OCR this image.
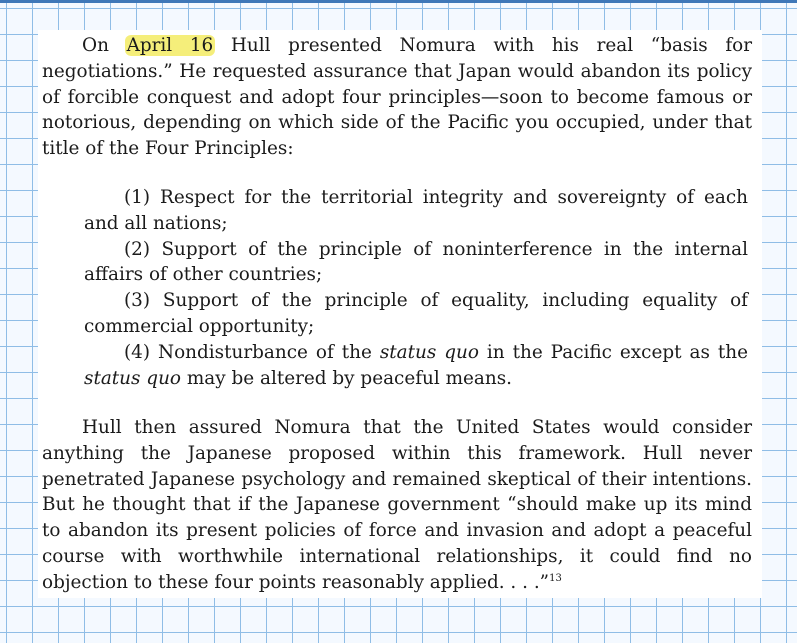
On April 16 Hull presented Nomura with his real “basis for negotiations.” He requested assurance that Japan would abandon its policy of forcible conquest and adopt four principles—soon to become famous or notorious, depending on which side of the Pacific you occupied, under that title of the Four Principles:

(1) Respect for the territorial integrity and sovereignty of each and all nations;

(2) Support of the principle of noninterference in the internal affairs of other countries;

(3) Support of the principle of equality, including equality of commercial opportunity;

(4) Nondisturbance of the status quo in the Pacific except as the status quo may be altered by peaceful means.

Hull then assured Nomura that the United States would consider anything the Japanese proposed within this framework. Hull never penetrated Japanese psychology and remained skeptical of their intentions. But he thought that if the Japanese government “should make up its mind to abandon its present policies of force and invasion and adopt a peaceful course with worthwhile international relationships, it could find no objection to these four points reasonably applied. . . .”$^{13}$
